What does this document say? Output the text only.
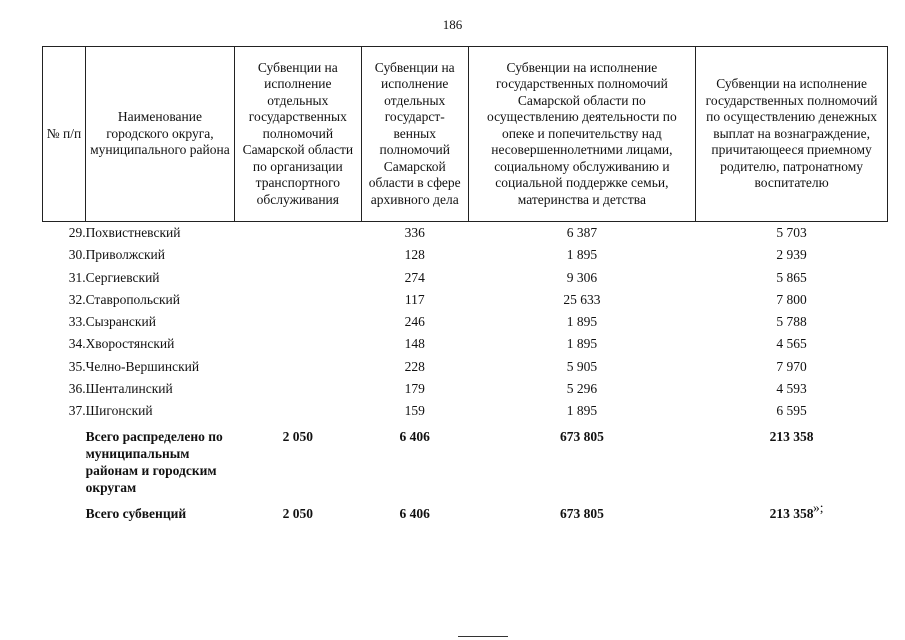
186
№ п/п	Наименование городского округа, муниципального района	Субвенции на исполнение отдельных государственных полномочий Самарской области по организации транспортного обслуживания	Субвенции на исполнение отдельных государст-венных полномочий Самарской области в сфере архивного дела	Субвенции на исполнение государственных полномочий Самарской области по осуществлению деятельности по опеке и попечительству над несовершеннолетними лицами, социальному обслуживанию и социальной поддержке семьи, материнства и детства	Субвенции на исполнение государственных полномочий по осуществлению денежных выплат на вознаграждение, причитающееся приемному родителю, патронатному воспитателю
29.	Похвистневский		336	6 387	5 703
30.	Приволжский		128	1 895	2 939
31.	Сергиевский		274	9 306	5 865
32.	Ставропольский		117	25 633	7 800
33.	Сызранский		246	1 895	5 788
34.	Хворостянский		148	1 895	4 565
35.	Челно-Вершинский		228	5 905	7 970
36.	Шенталинский		179	5 296	4 593
37.	Шигонский		159	1 895	6 595
	Всего распределено по муниципальным районам и городским округам	2 050	6 406	673 805	213 358
	Всего субвенций	2 050	6 406	673 805	213 358 »;
